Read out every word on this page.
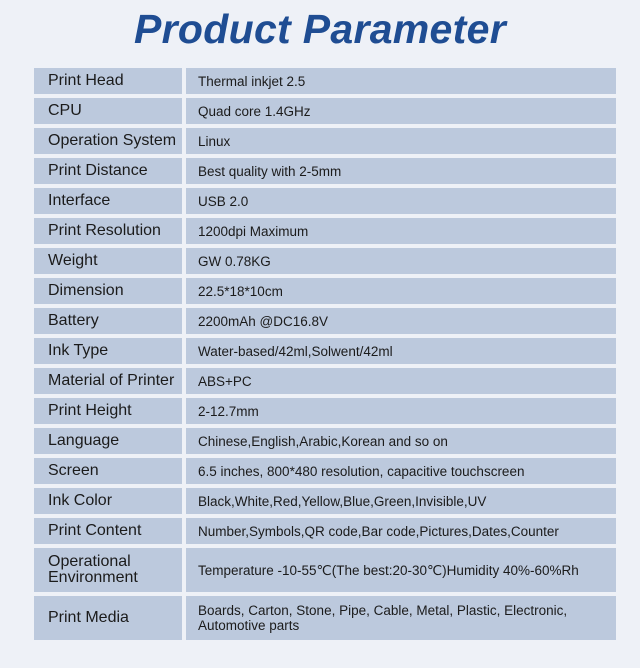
Product Parameter
Print Head	Thermal inkjet 2.5
CPU	Quad core 1.4GHz
Operation System	Linux
Print Distance	Best quality with 2-5mm
Interface	USB 2.0
Print Resolution	1200dpi Maximum
Weight	GW 0.78KG
Dimension	22.5*18*10cm
Battery	2200mAh @DC16.8V
Ink Type	Water-based/42ml,Solwent/42ml
Material of Printer	ABS+PC
Print Height	2-12.7mm
Language	Chinese,English,Arabic,Korean and so on
Screen	6.5 inches, 800*480 resolution, capacitive touchscreen
Ink Color	Black,White,Red,Yellow,Blue,Green,Invisible,UV
Print Content	Number,Symbols,QR code,Bar code,Pictures,Dates,Counter
Operational Environment	Temperature -10-55℃(The best:20-30℃)Humidity 40%-60%Rh
Print Media	Boards, Carton, Stone, Pipe, Cable, Metal, Plastic, Electronic, Automotive parts
